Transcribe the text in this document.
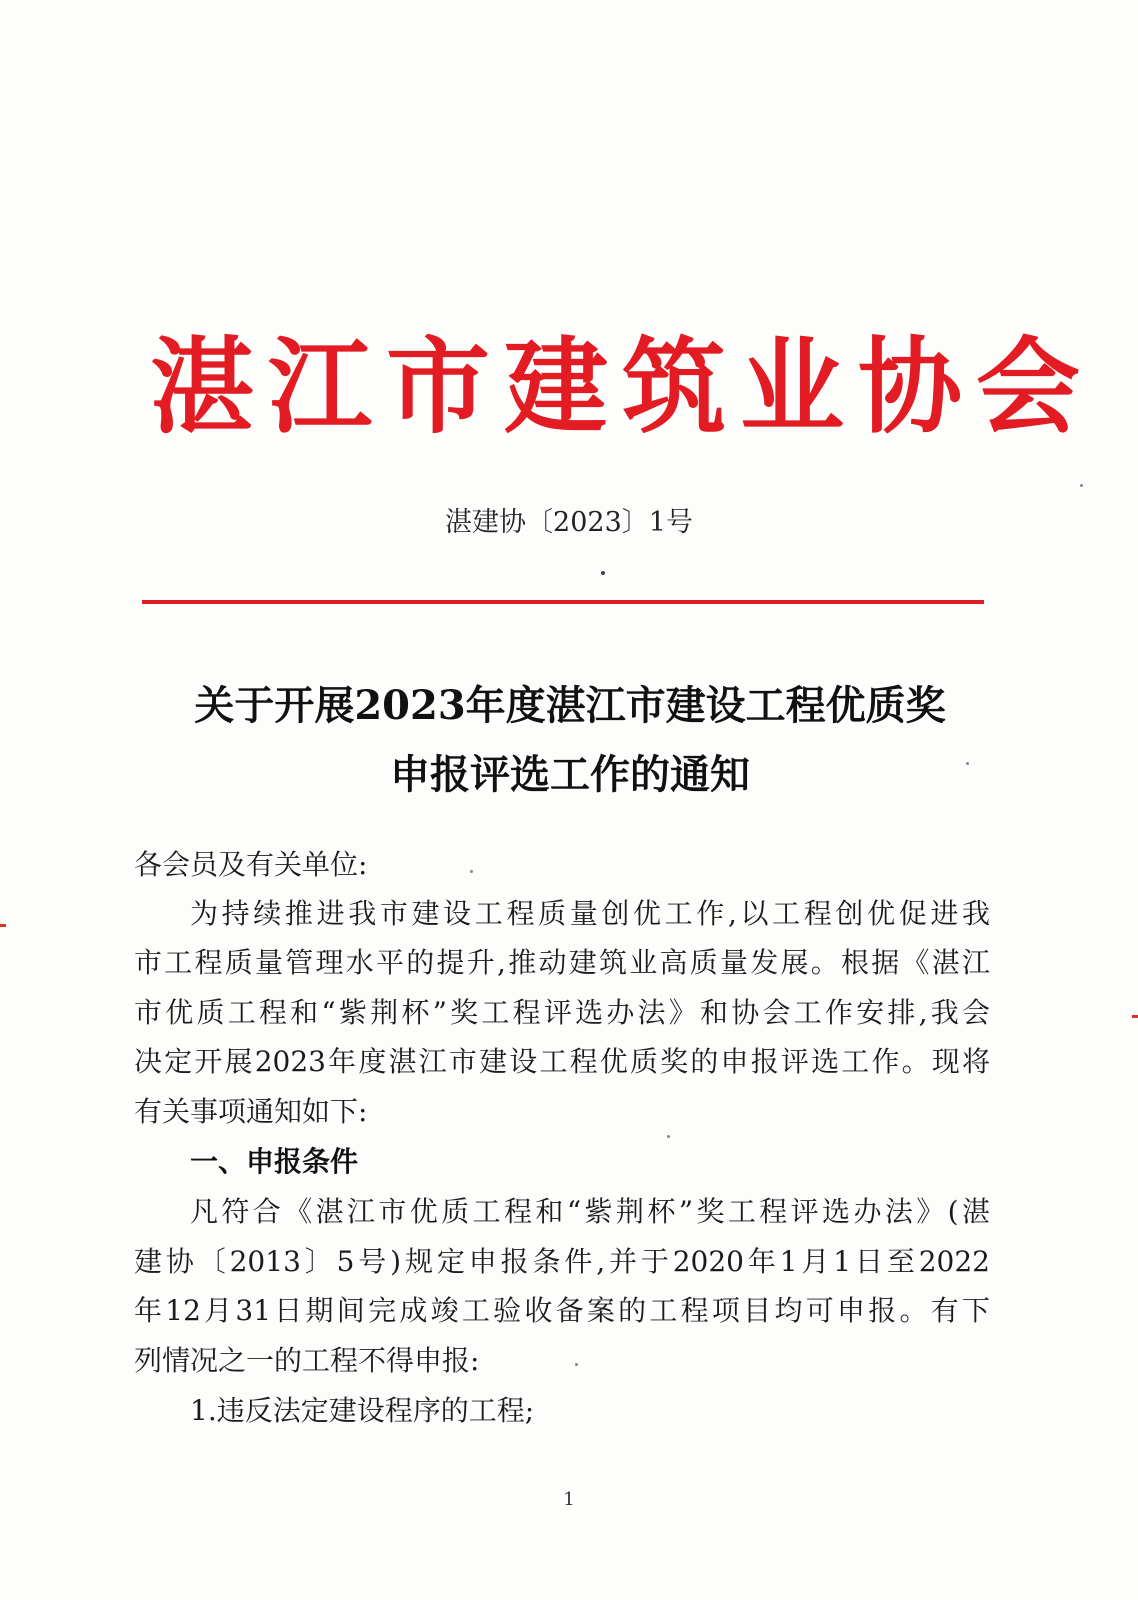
湛江市建筑业协会
湛建协〔2023〕1号
关于开展2023年度湛江市建设工程优质奖
申报评选工作的通知
各会员及有关单位:
为持续推进我市建设工程质量创优工作,以工程创优促进我
市工程质量管理水平的提升,推动建筑业高质量发展。根据《湛江
市优质工程和“紫荆杯”奖工程评选办法》和协会工作安排,我会
决定开展2023年度湛江市建设工程优质奖的申报评选工作。现将
有关事项通知如下:
一、申报条件
凡符合《湛江市优质工程和“紫荆杯”奖工程评选办法》(湛
建协〔2013〕5号)规定申报条件,并于2020年1月1日至2022
年12月31日期间完成竣工验收备案的工程项目均可申报。有下
列情况之一的工程不得申报:
1.违反法定建设程序的工程;
1
